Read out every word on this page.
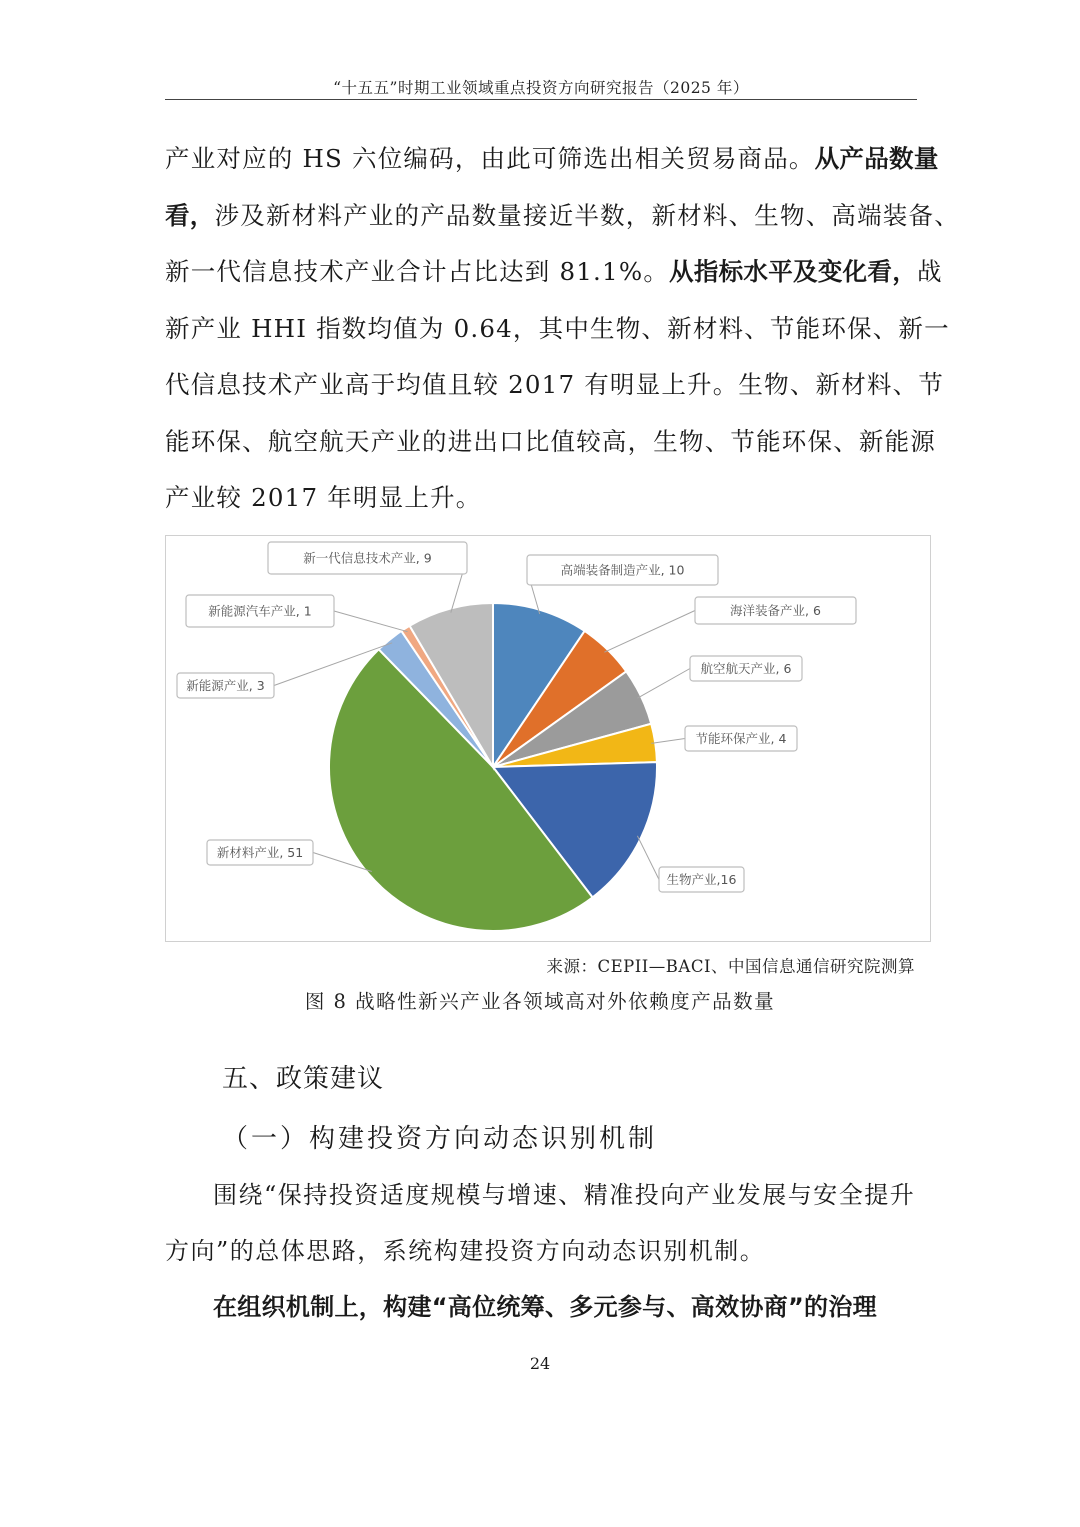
“十五五”时期工业领域重点投资方向研究报告（2025 年）
产业对应的 HS 六位编码，由此可筛选出相关贸易商品。从产品数量
看，涉及新材料产业的产品数量接近半数，新材料、生物、高端装备、
新一代信息技术产业合计占比达到 81.1%。从指标水平及变化看，战
新产业 HHI 指数均值为 0.64，其中生物、新材料、节能环保、新一
代信息技术产业高于均值且较 2017 有明显上升。生物、新材料、节
能环保、航空航天产业的进出口比值较高，生物、节能环保、新能源
产业较 2017 年明显上升。
高端装备制造产业, 10
海洋装备产业, 6
航空航天产业, 6
节能环保产业, 4
生物产业,16
新材料产业, 51
新能源产业, 3
新能源汽车产业, 1
新一代信息技术产业, 9
来源：CEPII—BACI、中国信息通信研究院测算
图 8 战略性新兴产业各领域高对外依赖度产品数量
五、政策建议
（一）构建投资方向动态识别机制
围绕“保持投资适度规模与增速、精准投向产业发展与安全提升
方向”的总体思路，系统构建投资方向动态识别机制。
在组织机制上，构建“高位统筹、多元参与、高效协商”的治理
24
